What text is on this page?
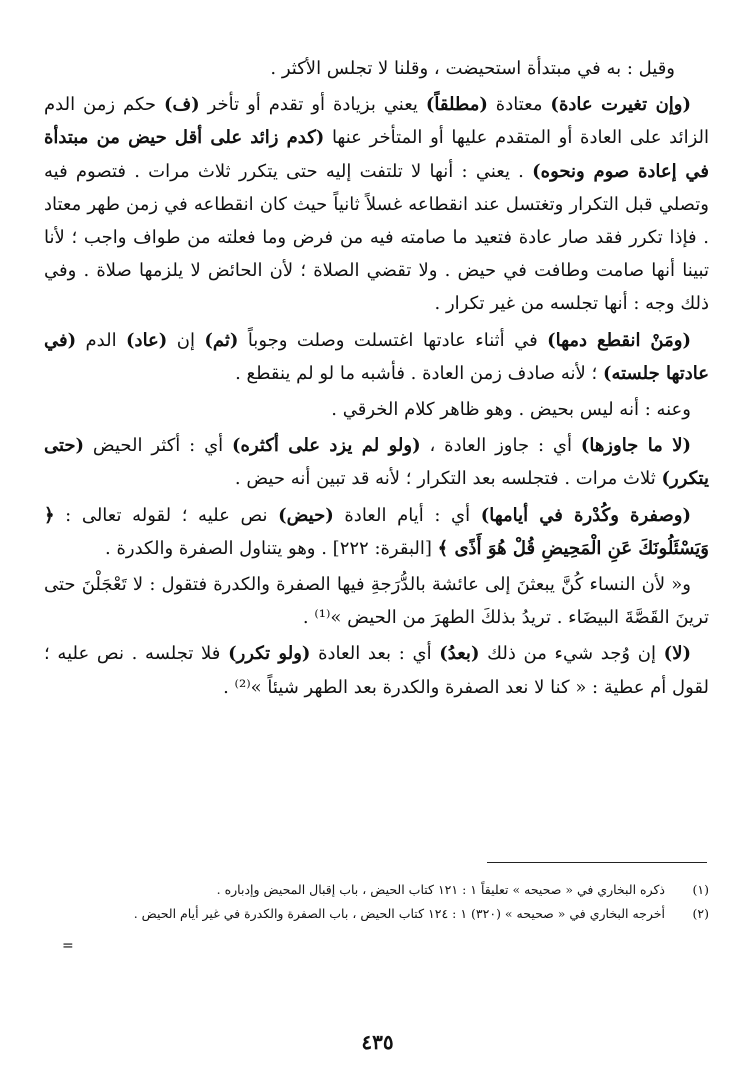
وقيل : به في مبتدأة استحيضت ، وقلنا لا تجلس الأكثر .

(وإن تغيرت عادة) معتادة (مطلقاً) يعني بزيادة أو تقدم أو تأخر (ف) حكم زمن الدم الزائد على العادة أو المتقدم عليها أو المتأخر عنها (كدم زائد على أقل حيض من مبتدأة في إعادة صوم ونحوه) . يعني : أنها لا تلتفت إليه حتى يتكرر ثلاث مرات . فتصوم فيه وتصلي قبل التكرار وتغتسل عند انقطاعه غسلاً ثانياً حيث كان انقطاعه في زمن طهر معتاد . فإذا تكرر فقد صار عادة فتعيد ما صامته فيه من فرض وما فعلته من طواف واجب ؛ لأنا تبينا أنها صامت وطافت في حيض . ولا تقضي الصلاة ؛ لأن الحائض لا يلزمها صلاة . وفي ذلك وجه : أنها تجلسه من غير تكرار .

(ومَنْ انقطع دمها) في أثناء عادتها اغتسلت وصلت وجوباً (ثم) إن (عاد) الدم (في عادتها جلسته) ؛ لأنه صادف زمن العادة . فأشبه ما لو لم ينقطع .

وعنه : أنه ليس بحيض . وهو ظاهر كلام الخرقي .

(لا ما جاوزها) أي : جاوز العادة ، (ولو لم يزد على أكثره) أي : أكثر الحيض (حتى يتكرر) ثلاث مرات . فتجلسه بعد التكرار ؛ لأنه قد تبين أنه حيض .

(وصفرة وكُدْرة في أيامها) أي : أيام العادة (حيض) نص عليه ؛ لقوله تعالى : ﴿ وَيَسْئَلُونَكَ عَنِ الْمَحِيضِ قُلْ هُوَ أَذًى ﴾ [البقرة: ٢٢٢] . وهو يتناول الصفرة والكدرة .

و« لأن النساء كُنَّ يبعثنَ إلى عائشة بالدُّرَجةِ فيها الصفرة والكدرة فتقول : لا تَعْجَلْنَ حتى ترينَ القَصَّةَ البيضَاء . تريدُ بذلكَ الطهرَ من الحيض »⁽¹⁾ .

(لا) إن وُجد شيء من ذلك (بعدُ) أي : بعد العادة (ولو تكرر) فلا تجلسه . نص عليه ؛ لقول أم عطية : « كنا لا نعد الصفرة والكدرة بعد الطهر شيئاً »⁽²⁾ .

(١)
ذكره البخاري في « صحيحه » تعليقاً ١ : ١٢١ كتاب الحيض ، باب إقبال المحيض وإدباره .
(٢)
أخرجه البخاري في « صحيحه » (٣٢٠) ١ : ١٢٤ كتاب الحيض ، باب الصفرة والكدرة في غير أيام الحيض .
=
٤٣٥
